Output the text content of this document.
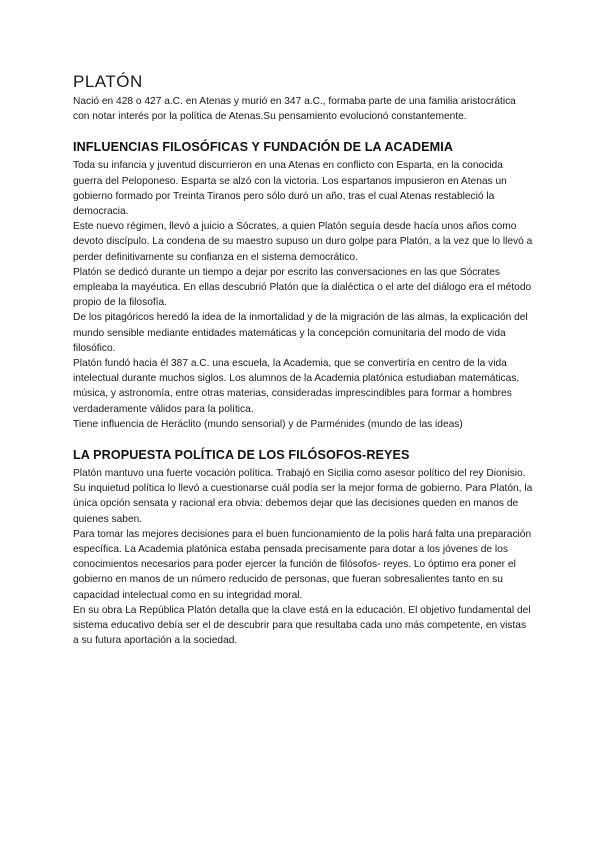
PLATÓN

Nació en 428 o 427 a.C. en Atenas y murió en 347 a.C., formaba parte de una familia aristocrática con notar interés por la política de Atenas.Su pensamiento evolucionó constantemente.

INFLUENCIAS FILOSÓFICAS Y FUNDACIÓN DE LA ACADEMIA

Toda su infancia y juventud discurrieron en una Atenas en conflicto con Esparta, en la conocida guerra del Peloponeso. Esparta se alzó con la victoria. Los espartanos impusieron en Atenas un gobierno formado por Treinta Tiranos pero sólo duró un año, tras el cual Atenas restableció la democracia.

Este nuevo régimen, llevó a juicio a Sócrates, a quien Platón seguía desde hacía unos años como devoto discípulo. La condena de su maestro supuso un duro golpe para Platón, a la vez que lo llevó a perder definitivamente su confianza en el sistema democrático.

Platón se dedicó durante un tiempo a dejar por escrito las conversaciones en las que Sócrates empleaba la mayéutica. En ellas descubrió Platón que la dialéctica o el arte del diálogo era el método propio de la filosofía.

De los pitagóricos heredó la idea de la inmortalidad y de la migración de las almas, la explicación del mundo sensible mediante entidades matemáticas y la concepción comunitaria del modo de vida filosófico.

Platón fundó hacia él 387 a.C. una escuela, la Academia, que se convertiría en centro de la vida intelectual durante muchos siglos. Los alumnos de la Academia platónica estudiaban matemáticas, música, y astronomía, entre otras materias, consideradas imprescindibles para formar a hombres verdaderamente válidos para la política.

Tiene influencia de Heráclito (mundo sensorial) y de Parménides (mundo de las ideas)

LA PROPUESTA POLÍTICA DE LOS FILÓSOFOS-REYES

Platón mantuvo una fuerte vocación política. Trabajó en Sicilia como asesor político del rey Dionisio.

Su inquietud política lo llevó a cuestionarse cuál podía ser la mejor forma de gobierno. Para Platón, la única opción sensata y racional era obvia: debemos dejar que las decisiones queden en manos de quienes saben.

Para tomar las mejores decisiones para el buen funcionamiento de la polis hará falta una preparación específica. La Academia platónica estaba pensada precisamente para dotar a los jóvenes de los conocimientos necesarios para poder ejercer la función de filósofos- reyes. Lo óptimo era poner el gobierno en manos de un número reducido de personas, que fueran sobresalientes tanto en su capacidad intelectual como en su integridad moral.

En su obra La República Platón detalla que la clave está en la educación. El objetivo fundamental del sistema educativo debía ser el de descubrir para que resultaba cada uno más competente, en vistas a su futura aportación a la sociedad.
